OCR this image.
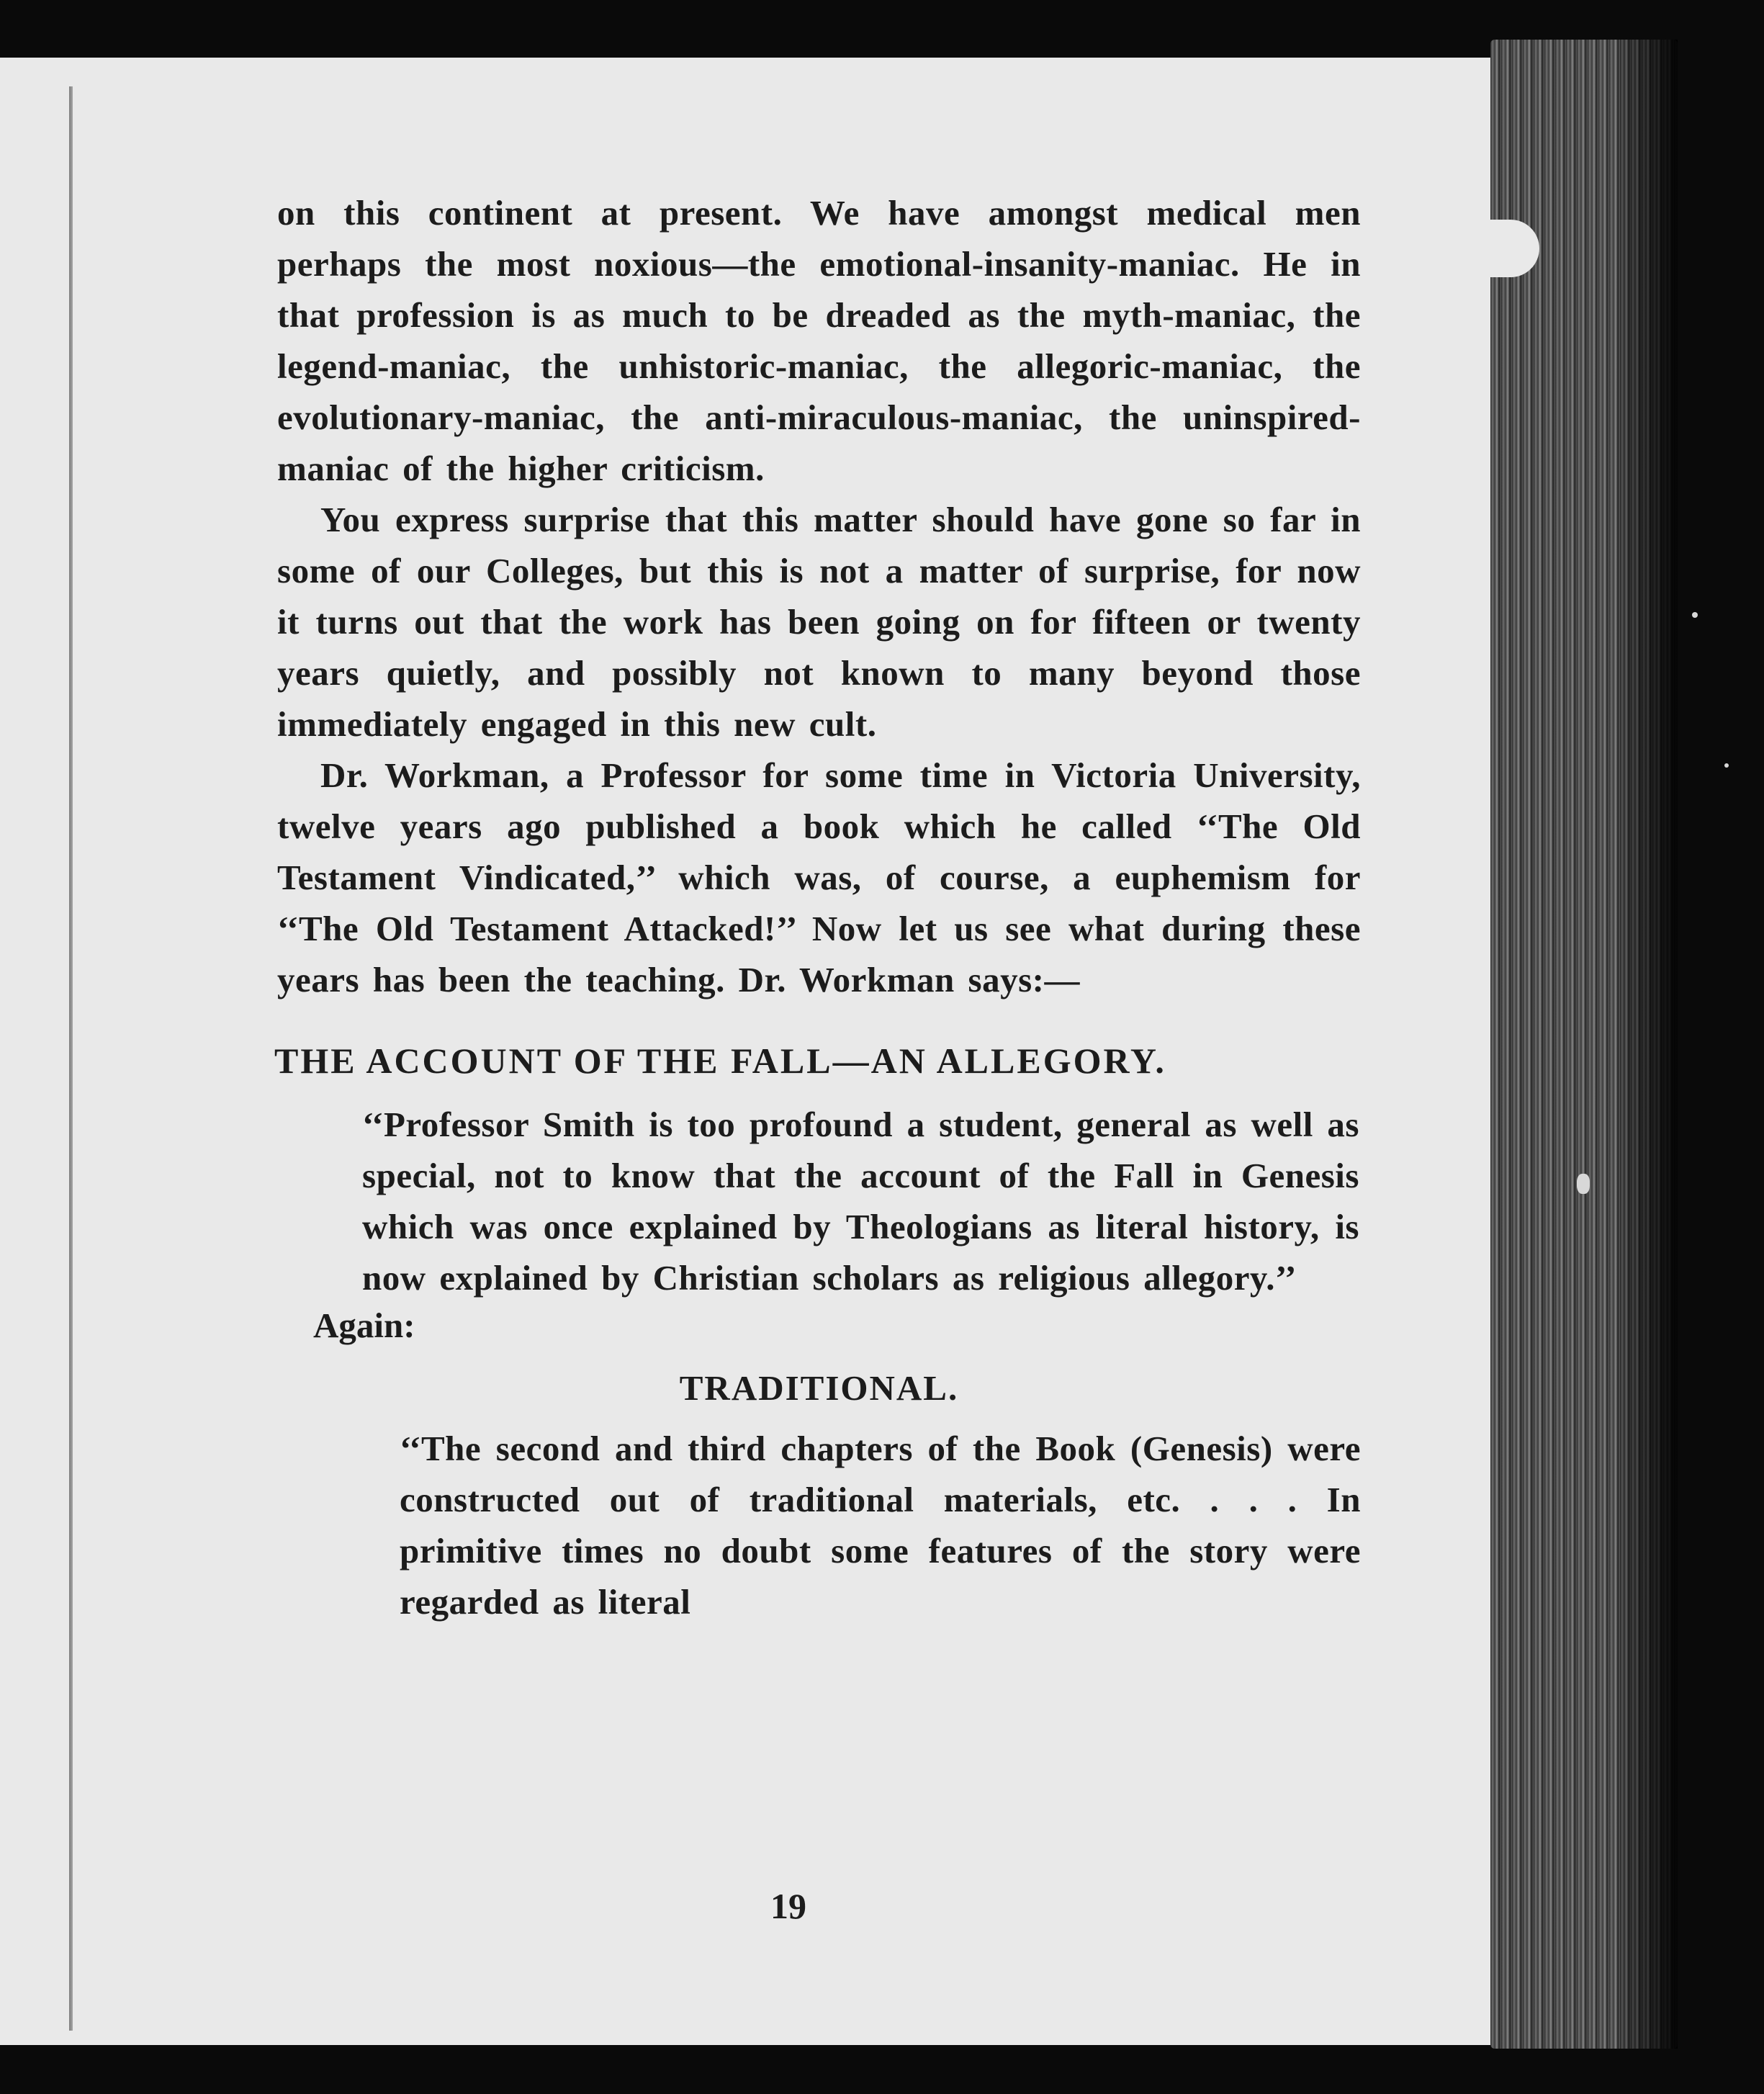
on this continent at present. We have amongst medical men perhaps the most noxious—the emotional-insanity-maniac. He in that profession is as much to be dreaded as the myth-maniac, the legend-maniac, the unhistoric-maniac, the allegoric-maniac, the evolutionary-maniac, the anti-miraculous-maniac, the uninspired-maniac of the higher criticism.

You express surprise that this matter should have gone so far in some of our Colleges, but this is not a matter of surprise, for now it turns out that the work has been going on for fifteen or twenty years quietly, and possibly not known to many beyond those immediately engaged in this new cult.

Dr. Workman, a Professor for some time in Victoria University, twelve years ago published a book which he called ‘‘The Old Testament Vindicated,’’ which was, of course, a euphemism for ‘‘The Old Testament Attacked!’’ Now let us see what during these years has been the teaching. Dr. Workman says:—

THE ACCOUNT OF THE FALL—AN ALLEGORY.

‘‘Professor Smith is too profound a student, general as well as special, not to know that the account of the Fall in Genesis which was once explained by Theologians as literal history, is now explained by Christian scholars as religious allegory.’’

Again:
TRADITIONAL.

‘‘The second and third chapters of the Book (Genesis) were constructed out of traditional materials, etc. . . . In primitive times no doubt some features of the story were regarded as literal

19
